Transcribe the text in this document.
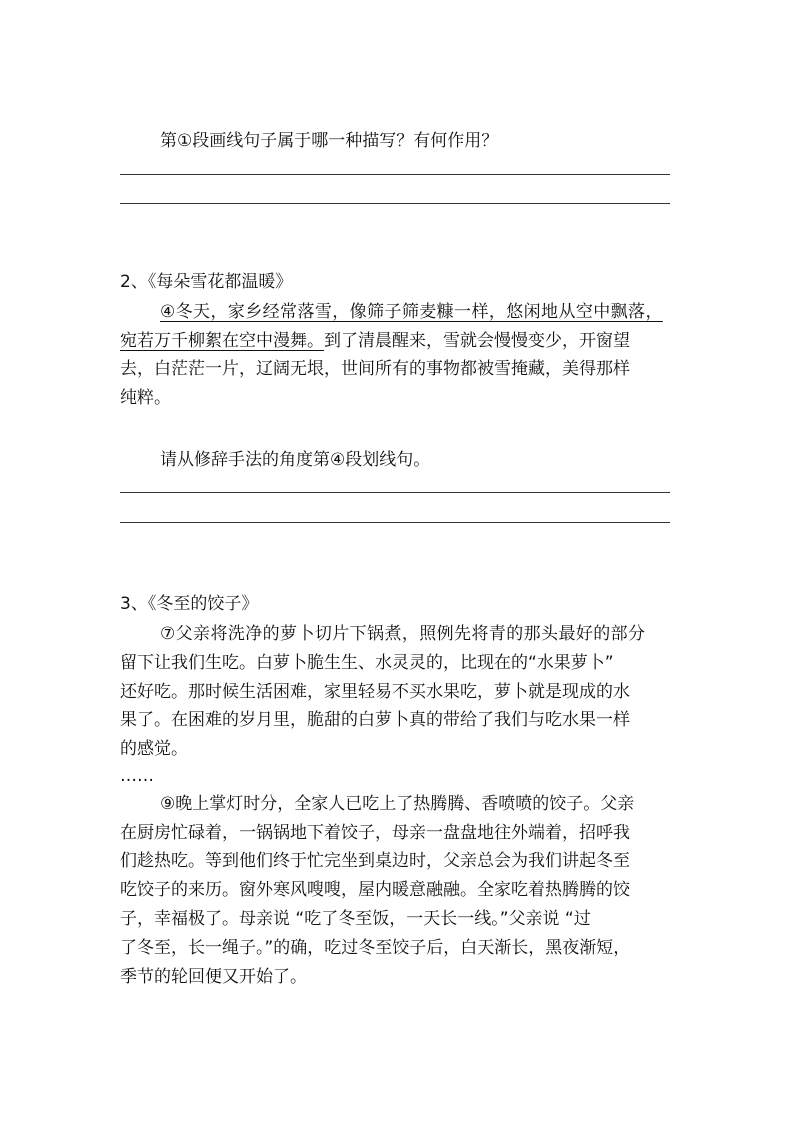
第①段画线句子属于哪一种描写？有何作用？
2、《每朵雪花都温暖》
④冬天，家乡经常落雪，像筛子筛麦糠一样，悠闲地从空中飘落，
宛若万千柳絮在空中漫舞。到了清晨醒来，雪就会慢慢变少，开窗望
去，白茫茫一片，辽阔无垠，世间所有的事物都被雪掩藏，美得那样
纯粹。
请从修辞手法的角度第④段划线句。
3、《冬至的饺子》
⑦父亲将洗净的萝卜切片下锅煮，照例先将青的那头最好的部分
留下让我们生吃。白萝卜脆生生、水灵灵的，比现在的“水果萝卜”
还好吃。那时候生活困难，家里轻易不买水果吃，萝卜就是现成的水
果了。在困难的岁月里，脆甜的白萝卜真的带给了我们与吃水果一样
的感觉。
……
⑨晚上掌灯时分，全家人已吃上了热腾腾、香喷喷的饺子。父亲
在厨房忙碌着，一锅锅地下着饺子，母亲一盘盘地往外端着，招呼我
们趁热吃。等到他们终于忙完坐到桌边时，父亲总会为我们讲起冬至
吃饺子的来历。窗外寒风嗖嗖，屋内暖意融融。全家吃着热腾腾的饺
子，幸福极了。母亲说 “吃了冬至饭，一天长一线。”父亲说 “过
了冬至，长一绳子。”的确，吃过冬至饺子后，白天渐长，黑夜渐短，
季节的轮回便又开始了。
